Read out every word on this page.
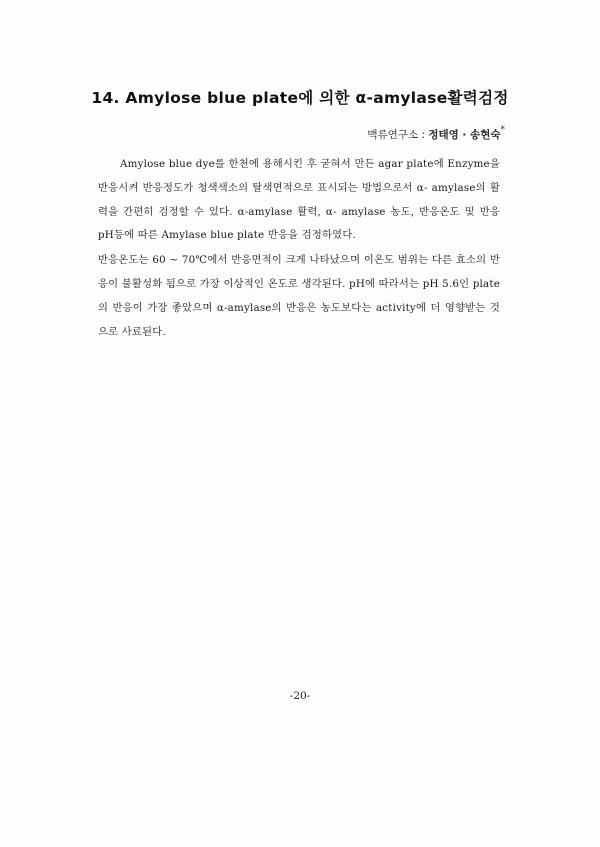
14. Amylose blue plate에 의한 α-amylase활력검정
맥류연구소 : 정태영 · 송현숙*

Amylose blue dye를 한천에 용해시킨 후 굳혀서 만든 agar plate에 Enzyme을 반응시켜 반응정도가 청색색소의 탈색면적으로 표시되는 방법으로서 α- amylase의 활력을 간편히 검정할 수 있다. α-amylase 활력, α- amylase 농도, 반응온도 및 반응 pH등에 따른 Amylase blue plate 반응을 검정하였다.

반응온도는 60 ~ 70℃에서 반응면적이 크게 나타났으며 이온도 범위는 다른 효소의 반응이 불활성화 됨으로 가장 이상적인 온도로 생각된다. pH에 따라서는 pH 5.6인 plate의 반응이 가장 좋았으며 α-amylase의 반응은 농도보다는 activity에 더 영향받는 것으로 사료된다.

-20-
